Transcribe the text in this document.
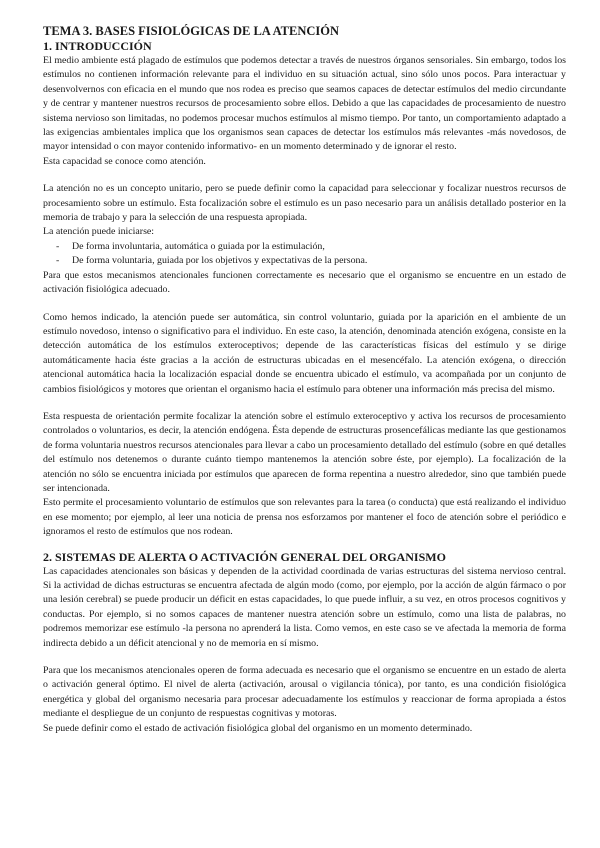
TEMA 3. BASES FISIOLÓGICAS DE LA ATENCIÓN
1. INTRODUCCIÓN

El medio ambiente está plagado de estímulos que podemos detectar a través de nuestros órganos sensoriales. Sin embargo, todos los estímulos no contienen información relevante para el individuo en su situación actual, sino sólo unos pocos. Para interactuar y desenvolvernos con eficacia en el mundo que nos rodea es preciso que seamos capaces de detectar estímulos del medio circundante y de centrar y mantener nuestros recursos de procesamiento sobre ellos. Debido a que las capacidades de procesamiento de nuestro sistema nervioso son limitadas, no podemos procesar muchos estímulos al mismo tiempo. Por tanto, un comportamiento adaptado a las exigencias ambientales implica que los organismos sean capaces de detectar los estímulos más relevantes -más novedosos, de mayor intensidad o con mayor contenido informativo- en un momento determinado y de ignorar el resto.

Esta capacidad se conoce como atención.

La atención no es un concepto unitario, pero se puede definir como la capacidad para seleccionar y focalizar nuestros recursos de procesamiento sobre un estímulo. Esta focalización sobre el estímulo es un paso necesario para un análisis detallado posterior en la memoria de trabajo y para la selección de una respuesta apropiada.

La atención puede iniciarse:

- De forma involuntaria, automática o guiada por la estimulación,
- De forma voluntaria, guiada por los objetivos y expectativas de la persona.

Para que estos mecanismos atencionales funcionen correctamente es necesario que el organismo se encuentre en un estado de activación fisiológica adecuado.

Como hemos indicado, la atención puede ser automática, sin control voluntario, guiada por la aparición en el ambiente de un estímulo novedoso, intenso o significativo para el individuo. En este caso, la atención, denominada atención exógena, consiste en la detección automática de los estímulos exteroceptivos; depende de las características físicas del estímulo y se dirige automáticamente hacia éste gracias a la acción de estructuras ubicadas en el mesencéfalo. La atención exógena, o dirección atencional automática hacia la localización espacial donde se encuentra ubicado el estímulo, va acompañada por un conjunto de cambios fisiológicos y motores que orientan el organismo hacia el estímulo para obtener una información más precisa del mismo.

Esta respuesta de orientación permite focalizar la atención sobre el estímulo exteroceptivo y activa los recursos de procesamiento controlados o voluntarios, es decir, la atención endógena. Ésta depende de estructuras prosencefálicas mediante las que gestionamos de forma voluntaria nuestros recursos atencionales para llevar a cabo un procesamiento detallado del estímulo (sobre en qué detalles del estímulo nos detenemos o durante cuánto tiempo mantenemos la atención sobre éste, por ejemplo). La focalización de la atención no sólo se encuentra iniciada por estímulos que aparecen de forma repentina a nuestro alrededor, sino que también puede ser intencionada.

Esto permite el procesamiento voluntario de estímulos que son relevantes para la tarea (o conducta) que está realizando el individuo en ese momento; por ejemplo, al leer una noticia de prensa nos esforzamos por mantener el foco de atención sobre el periódico e ignoramos el resto de estímulos que nos rodean.

2. SISTEMAS DE ALERTA O ACTIVACIÓN GENERAL DEL ORGANISMO

Las capacidades atencionales son básicas y dependen de la actividad coordinada de varias estructuras del sistema nervioso central. Si la actividad de dichas estructuras se encuentra afectada de algún modo (como, por ejemplo, por la acción de algún fármaco o por una lesión cerebral) se puede producir un déficit en estas capacidades, lo que puede influir, a su vez, en otros procesos cognitivos y conductas. Por ejemplo, si no somos capaces de mantener nuestra atención sobre un estímulo, como una lista de palabras, no podremos memorizar ese estímulo -la persona no aprenderá la lista. Como vemos, en este caso se ve afectada la memoria de forma indirecta debido a un déficit atencional y no de memoria en sí mismo.

Para que los mecanismos atencionales operen de forma adecuada es necesario que el organismo se encuentre en un estado de alerta o activación general óptimo. El nivel de alerta (activación, arousal o vigilancia tónica), por tanto, es una condición fisiológica energética y global del organismo necesaria para procesar adecuadamente los estímulos y reaccionar de forma apropiada a éstos mediante el despliegue de un conjunto de respuestas cognitivas y motoras.

Se puede definir como el estado de activación fisiológica global del organismo en un momento determinado.
